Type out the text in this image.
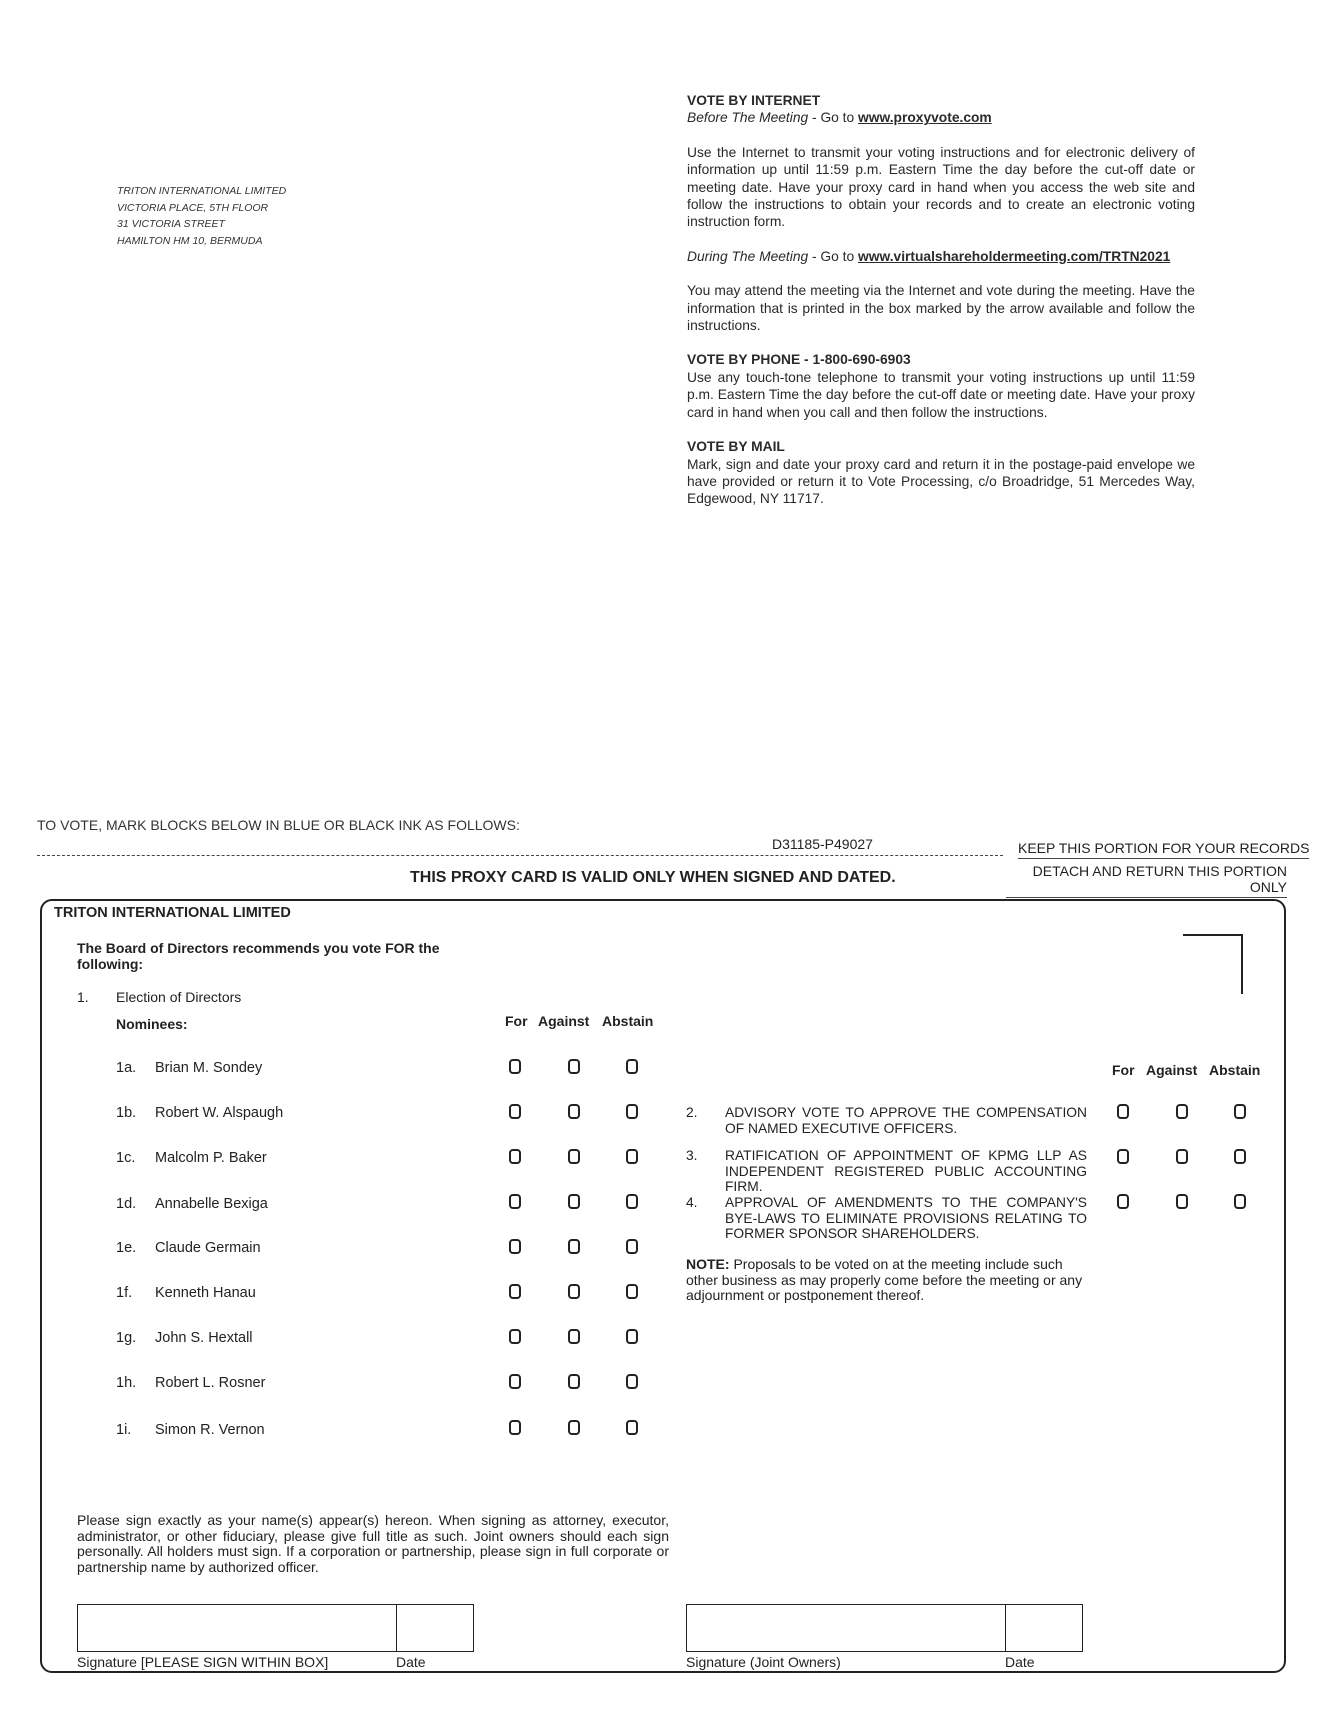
TRITON INTERNATIONAL LIMITED
VICTORIA PLACE, 5TH FLOOR
31 VICTORIA STREET
HAMILTON HM 10, BERMUDA
VOTE BY INTERNET

Before The Meeting - Go to www.proxyvote.com

Use the Internet to transmit your voting instructions and for electronic delivery of information up until 11:59 p.m. Eastern Time the day before the cut-off date or meeting date. Have your proxy card in hand when you access the web site and follow the instructions to obtain your records and to create an electronic voting instruction form.

During The Meeting - Go to www.virtualshareholdermeeting.com/TRTN2021

You may attend the meeting via the Internet and vote during the meeting. Have the information that is printed in the box marked by the arrow available and follow the instructions.

VOTE BY PHONE - 1-800-690-6903

Use any touch-tone telephone to transmit your voting instructions up until 11:59 p.m. Eastern Time the day before the cut-off date or meeting date. Have your proxy card in hand when you call and then follow the instructions.

VOTE BY MAIL

Mark, sign and date your proxy card and return it in the postage-paid envelope we have provided or return it to Vote Processing, c/o Broadridge, 51 Mercedes Way, Edgewood, NY 11717.

TO VOTE, MARK BLOCKS BELOW IN BLUE OR BLACK INK AS FOLLOWS:
D31185-P49027	KEEP THIS PORTION FOR YOUR RECORDS
DETACH AND RETURN THIS PORTION ONLY
THIS PROXY CARD IS VALID ONLY WHEN SIGNED AND DATED.
TRITON INTERNATIONAL LIMITED
The Board of Directors recommends you vote FOR the following:
1. Election of Directors
Nominees:	For Against Abstain
For Against Abstain
1a. Brian M. Sondey
1b. Robert W. Alspaugh
1c. Malcolm P. Baker
1d. Annabelle Bexiga
1e. Claude Germain
1f. Kenneth Hanau
1g. John S. Hextall
1h. Robert L. Rosner
1i. Simon R. Vernon
2. ADVISORY VOTE TO APPROVE THE COMPENSATION OF NAMED EXECUTIVE OFFICERS.
3. RATIFICATION OF APPOINTMENT OF KPMG LLP AS INDEPENDENT REGISTERED PUBLIC ACCOUNTING FIRM.
4. APPROVAL OF AMENDMENTS TO THE COMPANY'S BYE-LAWS TO ELIMINATE PROVISIONS RELATING TO FORMER SPONSOR SHAREHOLDERS.
NOTE: Proposals to be voted on at the meeting include such other business as may properly come before the meeting or any adjournment or postponement thereof.
Please sign exactly as your name(s) appear(s) hereon. When signing as attorney, executor, administrator, or other fiduciary, please give full title as such. Joint owners should each sign personally. All holders must sign. If a corporation or partnership, please sign in full corporate or partnership name by authorized officer.
Signature [PLEASE SIGN WITHIN BOX]	Date	Signature (Joint Owners)	Date
